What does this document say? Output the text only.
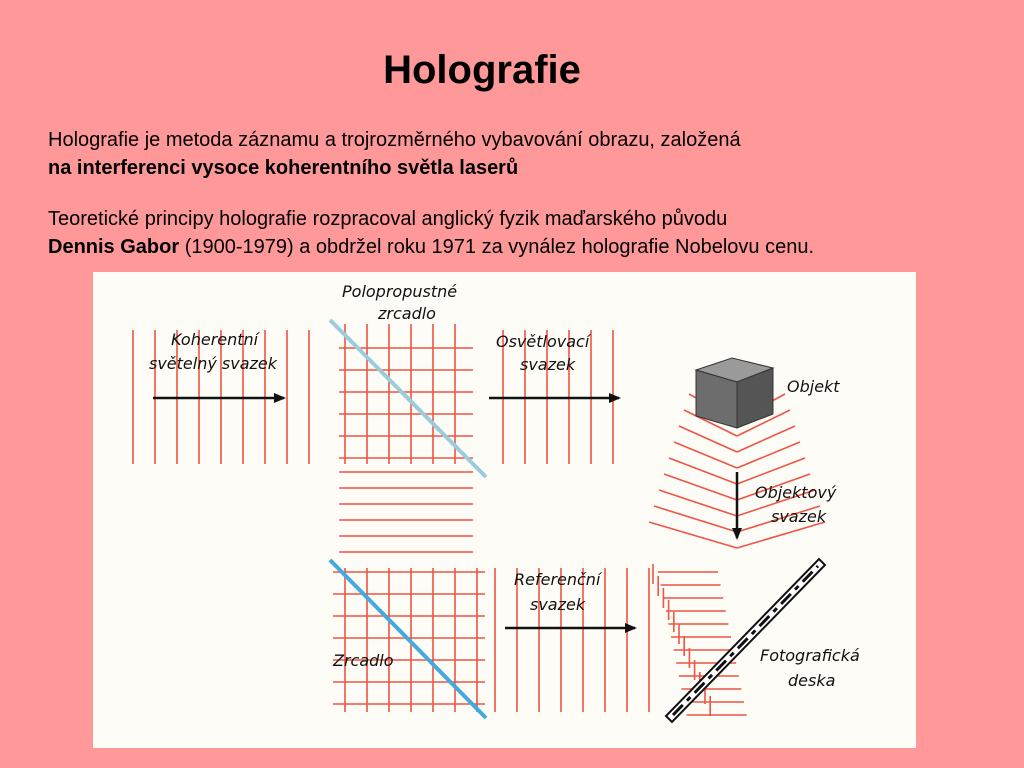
Holografie
Holografie je metoda záznamu a trojrozměrného vybavování obrazu, založená
na interferenci vysoce koherentního světla laserů
Teoretické principy holografie rozpracoval anglický fyzik maďarského původu
Dennis Gabor (1900-1979) a obdržel roku 1971 za vynález holografie Nobelovu cenu.
Koherentní
světelný svazek
Polopropustné
zrcadlo
Osvětlovací
svazek
Objekt
Objektový
svazek
Referenční
svazek
Zrcadlo	Fotografická
deska
